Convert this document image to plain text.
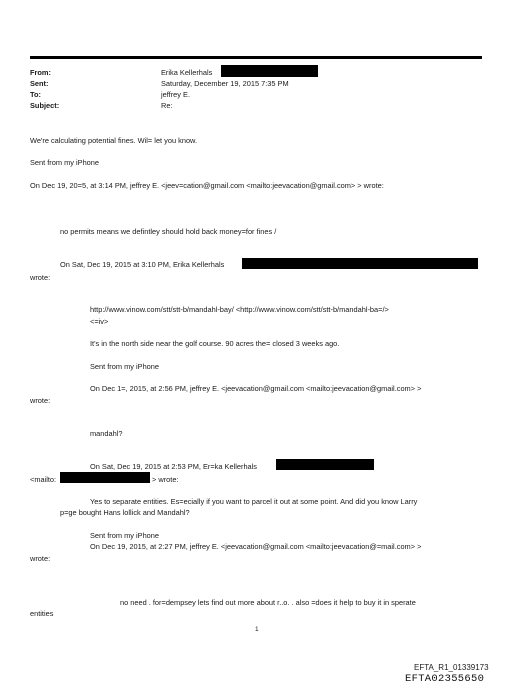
From:	Erika Kellerhals
Sent:	Saturday, December 19, 2015 7:35 PM
To:	jeffrey E.
Subject:	Re:
We're calculating potential fines. Wil= let you know.
Sent from my iPhone
On Dec 19, 20=5, at 3:14 PM, jeffrey E. <jeev=cation@gmail.com <mailto:jeevacation@gmail.com> > wrote:
no permits means we defintley should hold back money=for fines /
On Sat, Dec 19, 2015 at 3:10 PM, Erika Kellerhals
wrote:
http://www.vinow.com/stt/stt-b/mandahl-bay/ <http://www.vinow.com/stt/stt-b/mandahl-ba=/>
<=iv>
It's in the north side near the golf course. 90 acres the= closed 3 weeks ago.
Sent from my iPhone
On Dec 1=, 2015, at 2:56 PM, jeffrey E. <jeevacation@gmail.com <mailto:jeevacation@gmail.com> >
wrote:
mandahl?
On Sat, Dec 19, 2015 at 2:53 PM, Er=ka Kellerhals
<mailto:	> wrote:
Yes to separate entities. Es=ecially if you want to parcel it out at some point. And did you know Larry
p=ge bought Hans lollick and Mandahl?
Sent from my iPhone
On Dec 19, 2015, at 2:27 PM, jeffrey E. <jeevacation@gmail.com <mailto:jeevacation@=mail.com> >
wrote:
no need . for=dempsey lets find out more about r..o. . also =does it help to buy it in sperate
entities
1
EFTA_R1_01339173
EFTA02355650
